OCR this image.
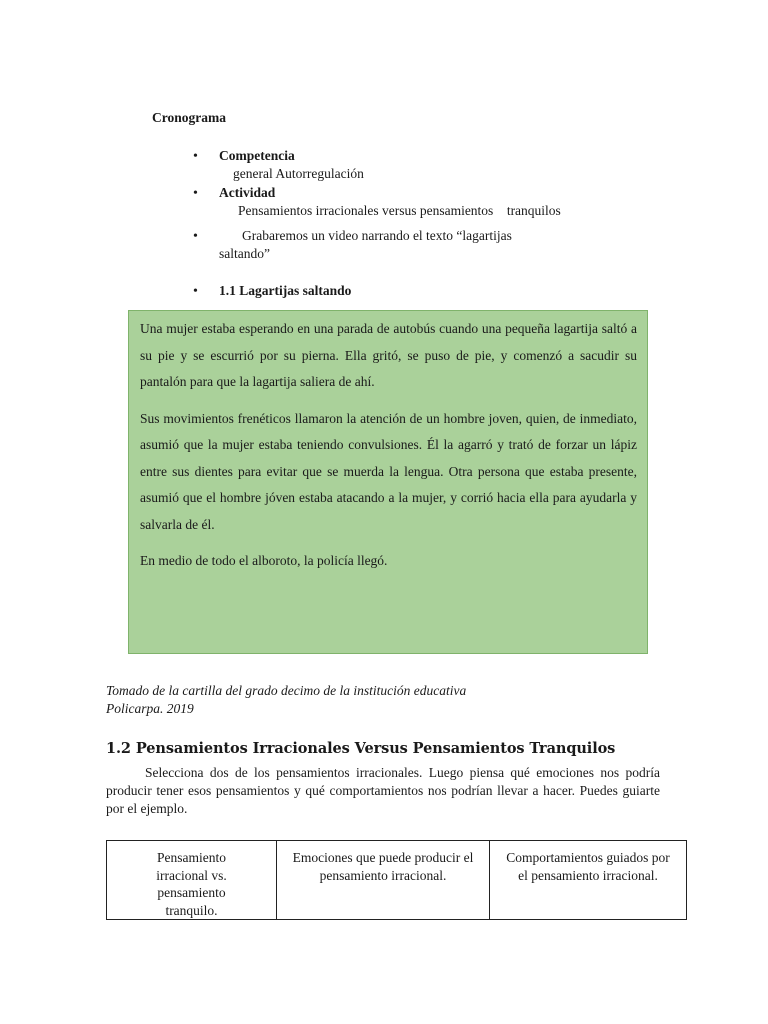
Cronograma
• Competencia
general Autorregulación
• Actividad
Pensamientos irracionales versus pensamientos    tranquilos
•	Grabaremos un video narrando el texto “lagartijas
saltando”
• 1.1 Lagartijas saltando

Una mujer estaba esperando en una parada de autobús cuando una pequeña lagartija saltó a su pie y se escurrió por su pierna. Ella gritó, se puso de pie, y comenzó a sacudir su pantalón para que la lagartija saliera de ahí.

Sus movimientos frenéticos llamaron la atención de un hombre joven, quien, de inmediato, asumió que la mujer estaba teniendo convulsiones. Él la agarró y trató de forzar un lápiz entre sus dientes para evitar que se muerda la lengua. Otra persona que estaba presente, asumió que el hombre jóven estaba atacando a la mujer, y corrió hacia ella para ayudarla y salvarla de él.

En medio de todo el alboroto, la policía llegó.

Tomado de la cartilla del grado decimo de la institución educativa
Policarpa. 2019
1.2 Pensamientos Irracionales Versus Pensamientos Tranquilos
Selecciona dos de los pensamientos irracionales. Luego piensa qué emociones nos podría producir tener esos pensamientos y qué comportamientos nos podrían llevar a hacer. Puedes guiarte por el ejemplo.
Pensamiento irracional vs. pensamiento tranquilo.	Emociones que puede producir el pensamiento irracional.	Comportamientos guiados por el pensamiento irracional.
